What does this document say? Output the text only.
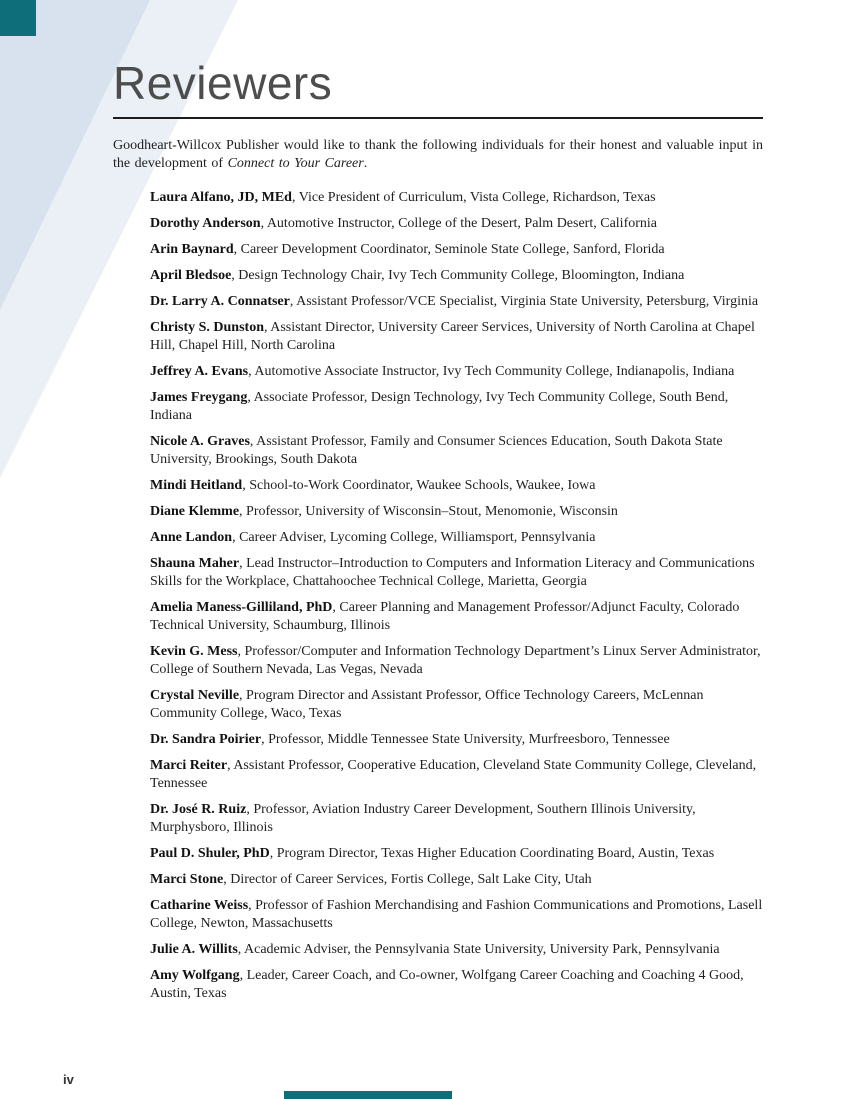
Reviewers

Goodheart-Willcox Publisher would like to thank the following individuals for their honest and valuable input in the development of Connect to Your Career.

Laura Alfano, JD, MEd, Vice President of Curriculum, Vista College, Richardson, Texas

Dorothy Anderson, Automotive Instructor, College of the Desert, Palm Desert, California

Arin Baynard, Career Development Coordinator, Seminole State College, Sanford, Florida

April Bledsoe, Design Technology Chair, Ivy Tech Community College, Bloomington, Indiana

Dr. Larry A. Connatser, Assistant Professor/VCE Specialist, Virginia State University, Petersburg, Virginia

Christy S. Dunston, Assistant Director, University Career Services, University of North Carolina at Chapel Hill, Chapel Hill, North Carolina

Jeffrey A. Evans, Automotive Associate Instructor, Ivy Tech Community College, Indianapolis, Indiana

James Freygang, Associate Professor, Design Technology, Ivy Tech Community College, South Bend, Indiana

Nicole A. Graves, Assistant Professor, Family and Consumer Sciences Education, South Dakota State University, Brookings, South Dakota

Mindi Heitland, School-to-Work Coordinator, Waukee Schools, Waukee, Iowa

Diane Klemme, Professor, University of Wisconsin–Stout, Menomonie, Wisconsin

Anne Landon, Career Adviser, Lycoming College, Williamsport, Pennsylvania

Shauna Maher, Lead Instructor–Introduction to Computers and Information Literacy and Communications Skills for the Workplace, Chattahoochee Technical College, Marietta, Georgia

Amelia Maness-Gilliland, PhD, Career Planning and Management Professor/Adjunct Faculty, Colorado Technical University, Schaumburg, Illinois

Kevin G. Mess, Professor/Computer and Information Technology Department’s Linux Server Administrator, College of Southern Nevada, Las Vegas, Nevada

Crystal Neville, Program Director and Assistant Professor, Office Technology Careers, McLennan Community College, Waco, Texas

Dr. Sandra Poirier, Professor, Middle Tennessee State University, Murfreesboro, Tennessee

Marci Reiter, Assistant Professor, Cooperative Education, Cleveland State Community College, Cleveland, Tennessee

Dr. José R. Ruiz, Professor, Aviation Industry Career Development, Southern Illinois University, Murphysboro, Illinois

Paul D. Shuler, PhD, Program Director, Texas Higher Education Coordinating Board, Austin, Texas

Marci Stone, Director of Career Services, Fortis College, Salt Lake City, Utah

Catharine Weiss, Professor of Fashion Merchandising and Fashion Communications and Promotions, Lasell College, Newton, Massachusetts

Julie A. Willits, Academic Adviser, the Pennsylvania State University, University Park, Pennsylvania

Amy Wolfgang, Leader, Career Coach, and Co-owner, Wolfgang Career Coaching and Coaching 4 Good, Austin, Texas

iv
